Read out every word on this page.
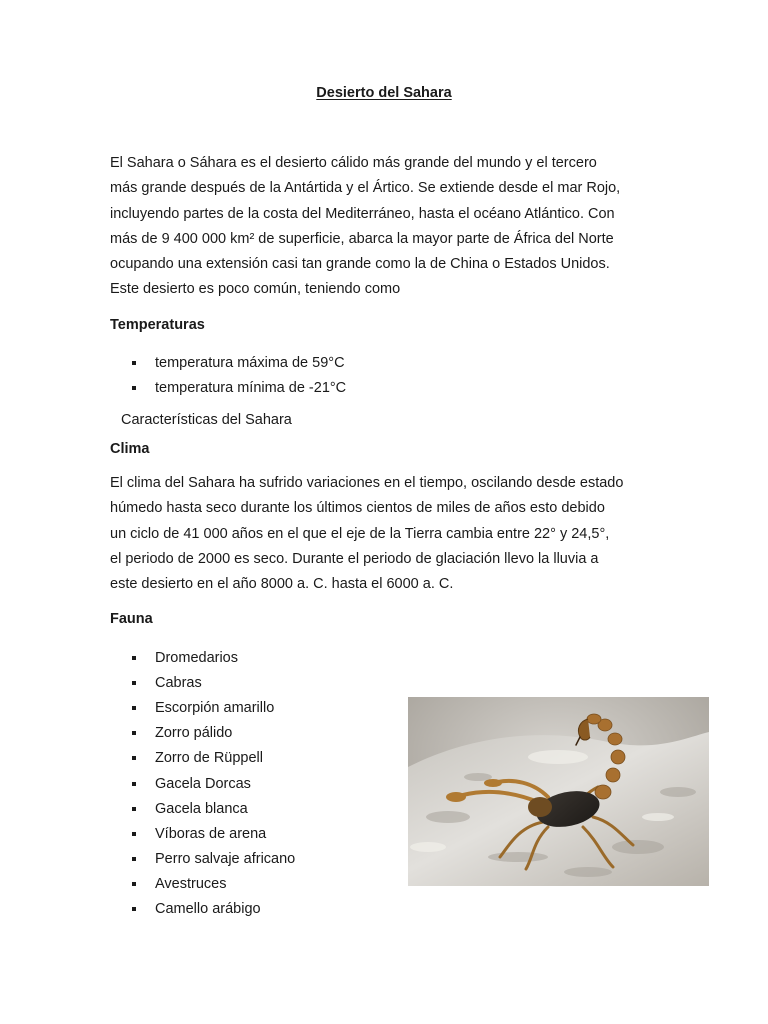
Desierto del Sahara
El Sahara o Sáhara es el desierto cálido más grande del mundo y el tercero
más grande después de la Antártida y el Ártico. Se extiende desde el mar Rojo,
incluyendo partes de la costa del Mediterráneo, hasta el océano Atlántico. Con
más de 9 400 000 km² de superficie, abarca la mayor parte de África del Norte
ocupando una extensión casi tan grande como la de China o Estados Unidos.
Este desierto es poco común, teniendo como
Temperaturas
temperatura máxima de 59°C
temperatura mínima de -21°C
Características del Sahara
Clima
El clima del Sahara ha sufrido variaciones en el tiempo, oscilando desde estado
húmedo hasta seco durante los últimos cientos de miles de años esto debido
un ciclo de 41 000 años en el que el eje de la Tierra cambia entre 22° y 24,5°,
el periodo de 2000 es seco. Durante el periodo de glaciación llevo la lluvia a
este desierto en el año 8000 a. C. hasta el 6000 a. C.
Fauna
Dromedarios
Cabras
Escorpión amarillo
Zorro pálido
Zorro de Rüppell
Gacela Dorcas
Gacela blanca
Víboras de arena
Perro salvaje africano
Avestruces
Camello arábigo
